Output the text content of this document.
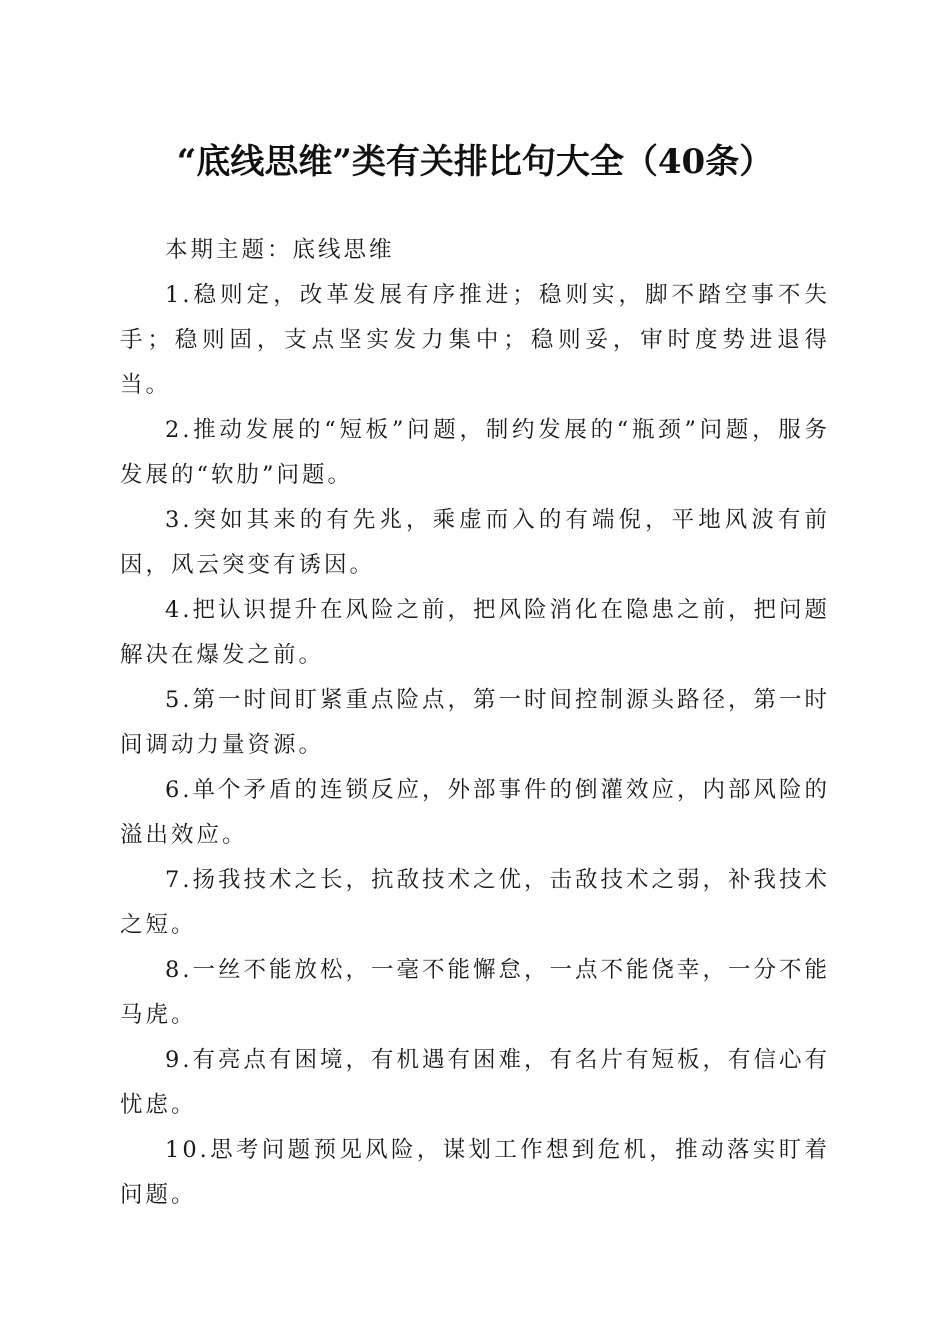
“底线思维”类有关排比句大全（40条）

本期主题：底线思维

1.稳则定，改革发展有序推进；稳则实，脚不踏空事不失手；稳则固，支点坚实发力集中；稳则妥，审时度势进退得当。

2.推动发展的“短板”问题，制约发展的“瓶颈”问题，服务发展的“软肋”问题。

3.突如其来的有先兆，乘虚而入的有端倪，平地风波有前因，风云突变有诱因。

4.把认识提升在风险之前，把风险消化在隐患之前，把问题解决在爆发之前。

5.第一时间盯紧重点险点，第一时间控制源头路径，第一时间调动力量资源。

6.单个矛盾的连锁反应，外部事件的倒灌效应，内部风险的溢出效应。

7.扬我技术之长，抗敌技术之优，击敌技术之弱，补我技术之短。

8.一丝不能放松，一毫不能懈怠，一点不能侥幸，一分不能马虎。

9.有亮点有困境，有机遇有困难，有名片有短板，有信心有忧虑。

10.思考问题预见风险，谋划工作想到危机，推动落实盯着问题。
